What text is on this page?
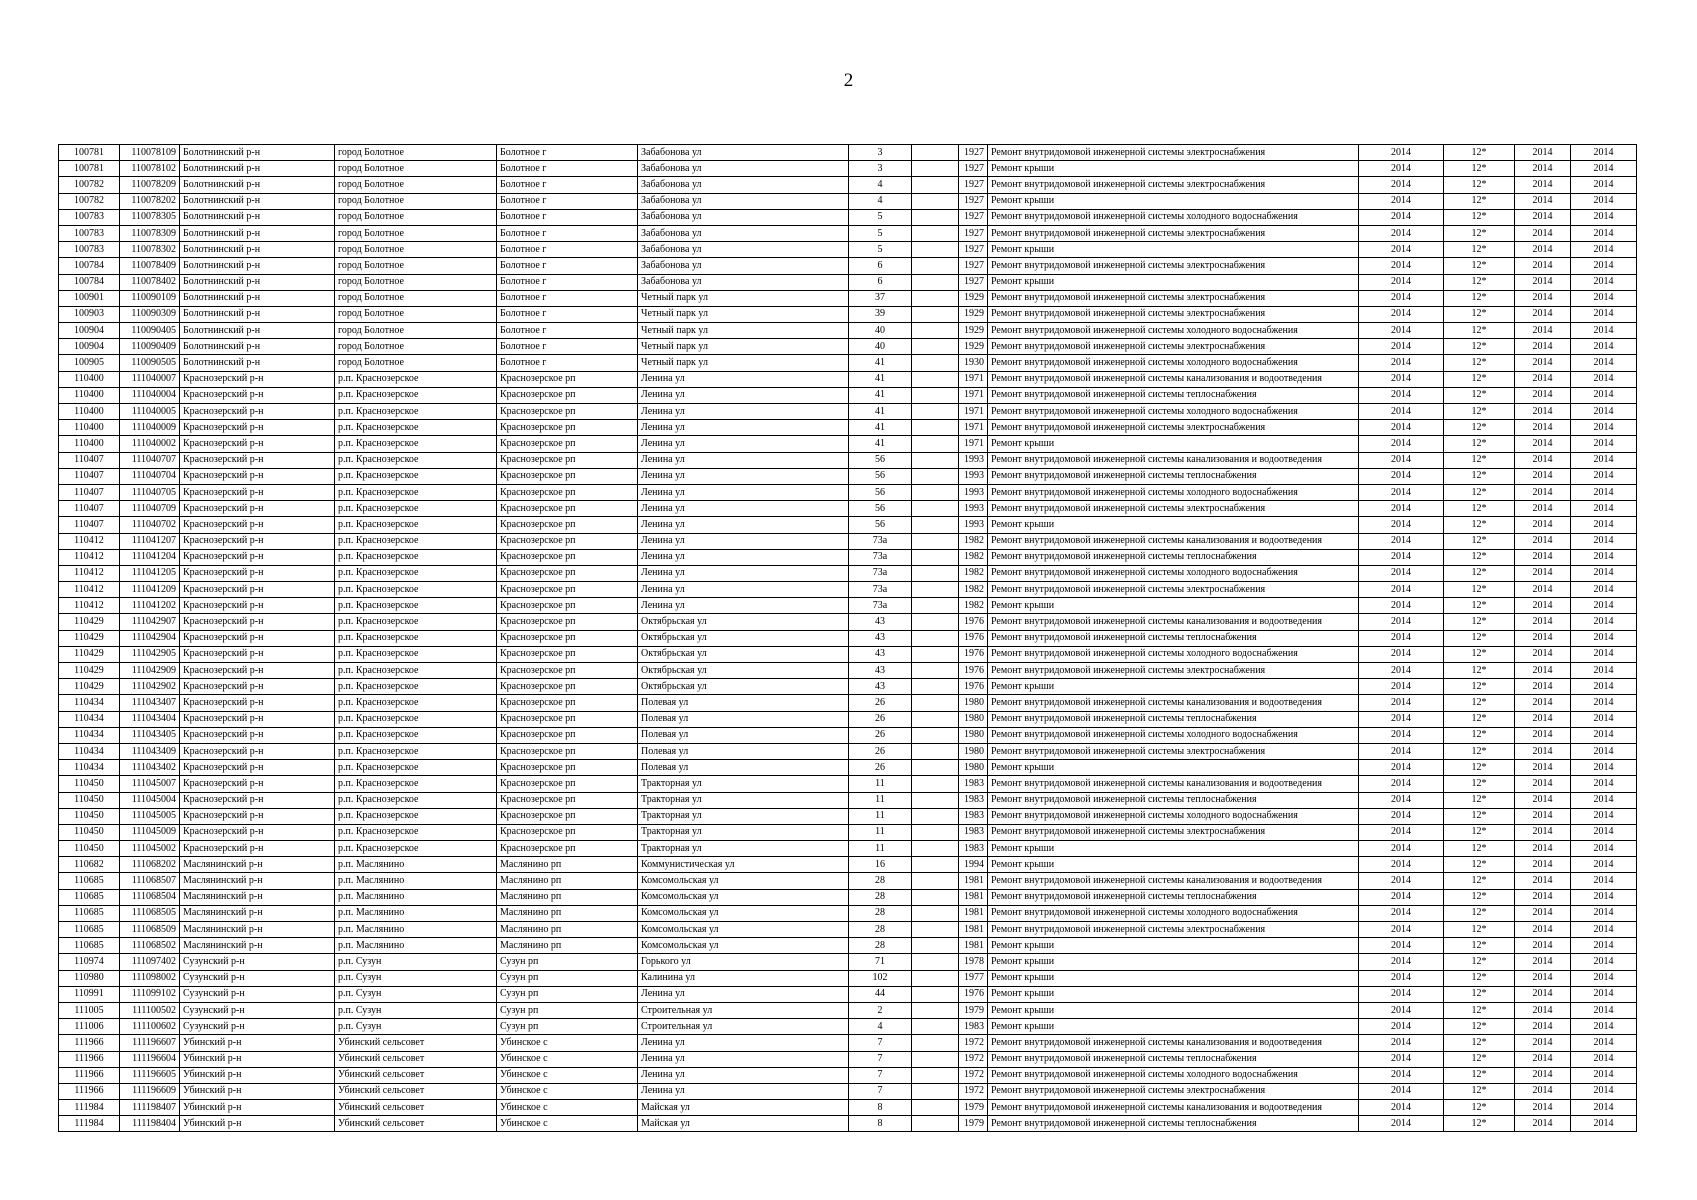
2
100781	110078109	Болотнинский р-н	город Болотное	Болотное г	Забабонова ул	3		1927	Ремонт внутридомовой инженерной системы электроснабжения	2014	12*	2014	2014
100781	110078102	Болотнинский р-н	город Болотное	Болотное г	Забабонова ул	3		1927	Ремонт крыши	2014	12*	2014	2014
100782	110078209	Болотнинский р-н	город Болотное	Болотное г	Забабонова ул	4		1927	Ремонт внутридомовой инженерной системы электроснабжения	2014	12*	2014	2014
100782	110078202	Болотнинский р-н	город Болотное	Болотное г	Забабонова ул	4		1927	Ремонт крыши	2014	12*	2014	2014
100783	110078305	Болотнинский р-н	город Болотное	Болотное г	Забабонова ул	5		1927	Ремонт внутридомовой инженерной системы холодного водоснабжения	2014	12*	2014	2014
100783	110078309	Болотнинский р-н	город Болотное	Болотное г	Забабонова ул	5		1927	Ремонт внутридомовой инженерной системы электроснабжения	2014	12*	2014	2014
100783	110078302	Болотнинский р-н	город Болотное	Болотное г	Забабонова ул	5		1927	Ремонт крыши	2014	12*	2014	2014
100784	110078409	Болотнинский р-н	город Болотное	Болотное г	Забабонова ул	6		1927	Ремонт внутридомовой инженерной системы электроснабжения	2014	12*	2014	2014
100784	110078402	Болотнинский р-н	город Болотное	Болотное г	Забабонова ул	6		1927	Ремонт крыши	2014	12*	2014	2014
100901	110090109	Болотнинский р-н	город Болотное	Болотное г	Четный парк ул	37		1929	Ремонт внутридомовой инженерной системы электроснабжения	2014	12*	2014	2014
100903	110090309	Болотнинский р-н	город Болотное	Болотное г	Четный парк ул	39		1929	Ремонт внутридомовой инженерной системы электроснабжения	2014	12*	2014	2014
100904	110090405	Болотнинский р-н	город Болотное	Болотное г	Четный парк ул	40		1929	Ремонт внутридомовой инженерной системы холодного водоснабжения	2014	12*	2014	2014
100904	110090409	Болотнинский р-н	город Болотное	Болотное г	Четный парк ул	40		1929	Ремонт внутридомовой инженерной системы электроснабжения	2014	12*	2014	2014
100905	110090505	Болотнинский р-н	город Болотное	Болотное г	Четный парк ул	41		1930	Ремонт внутридомовой инженерной системы холодного водоснабжения	2014	12*	2014	2014
110400	111040007	Краснозерский р-н	р.п. Краснозерское	Краснозерское рп	Ленина ул	41		1971	Ремонт внутридомовой инженерной системы канализования и водоотведения	2014	12*	2014	2014
110400	111040004	Краснозерский р-н	р.п. Краснозерское	Краснозерское рп	Ленина ул	41		1971	Ремонт внутридомовой инженерной системы теплоснабжения	2014	12*	2014	2014
110400	111040005	Краснозерский р-н	р.п. Краснозерское	Краснозерское рп	Ленина ул	41		1971	Ремонт внутридомовой инженерной системы холодного водоснабжения	2014	12*	2014	2014
110400	111040009	Краснозерский р-н	р.п. Краснозерское	Краснозерское рп	Ленина ул	41		1971	Ремонт внутридомовой инженерной системы электроснабжения	2014	12*	2014	2014
110400	111040002	Краснозерский р-н	р.п. Краснозерское	Краснозерское рп	Ленина ул	41		1971	Ремонт крыши	2014	12*	2014	2014
110407	111040707	Краснозерский р-н	р.п. Краснозерское	Краснозерское рп	Ленина ул	56		1993	Ремонт внутридомовой инженерной системы канализования и водоотведения	2014	12*	2014	2014
110407	111040704	Краснозерский р-н	р.п. Краснозерское	Краснозерское рп	Ленина ул	56		1993	Ремонт внутридомовой инженерной системы теплоснабжения	2014	12*	2014	2014
110407	111040705	Краснозерский р-н	р.п. Краснозерское	Краснозерское рп	Ленина ул	56		1993	Ремонт внутридомовой инженерной системы холодного водоснабжения	2014	12*	2014	2014
110407	111040709	Краснозерский р-н	р.п. Краснозерское	Краснозерское рп	Ленина ул	56		1993	Ремонт внутридомовой инженерной системы электроснабжения	2014	12*	2014	2014
110407	111040702	Краснозерский р-н	р.п. Краснозерское	Краснозерское рп	Ленина ул	56		1993	Ремонт крыши	2014	12*	2014	2014
110412	111041207	Краснозерский р-н	р.п. Краснозерское	Краснозерское рп	Ленина ул	73а		1982	Ремонт внутридомовой инженерной системы канализования и водоотведения	2014	12*	2014	2014
110412	111041204	Краснозерский р-н	р.п. Краснозерское	Краснозерское рп	Ленина ул	73а		1982	Ремонт внутридомовой инженерной системы теплоснабжения	2014	12*	2014	2014
110412	111041205	Краснозерский р-н	р.п. Краснозерское	Краснозерское рп	Ленина ул	73а		1982	Ремонт внутридомовой инженерной системы холодного водоснабжения	2014	12*	2014	2014
110412	111041209	Краснозерский р-н	р.п. Краснозерское	Краснозерское рп	Ленина ул	73а		1982	Ремонт внутридомовой инженерной системы электроснабжения	2014	12*	2014	2014
110412	111041202	Краснозерский р-н	р.п. Краснозерское	Краснозерское рп	Ленина ул	73а		1982	Ремонт крыши	2014	12*	2014	2014
110429	111042907	Краснозерский р-н	р.п. Краснозерское	Краснозерское рп	Октябрьская ул	43		1976	Ремонт внутридомовой инженерной системы канализования и водоотведения	2014	12*	2014	2014
110429	111042904	Краснозерский р-н	р.п. Краснозерское	Краснозерское рп	Октябрьская ул	43		1976	Ремонт внутридомовой инженерной системы теплоснабжения	2014	12*	2014	2014
110429	111042905	Краснозерский р-н	р.п. Краснозерское	Краснозерское рп	Октябрьская ул	43		1976	Ремонт внутридомовой инженерной системы холодного водоснабжения	2014	12*	2014	2014
110429	111042909	Краснозерский р-н	р.п. Краснозерское	Краснозерское рп	Октябрьская ул	43		1976	Ремонт внутридомовой инженерной системы электроснабжения	2014	12*	2014	2014
110429	111042902	Краснозерский р-н	р.п. Краснозерское	Краснозерское рп	Октябрьская ул	43		1976	Ремонт крыши	2014	12*	2014	2014
110434	111043407	Краснозерский р-н	р.п. Краснозерское	Краснозерское рп	Полевая ул	26		1980	Ремонт внутридомовой инженерной системы канализования и водоотведения	2014	12*	2014	2014
110434	111043404	Краснозерский р-н	р.п. Краснозерское	Краснозерское рп	Полевая ул	26		1980	Ремонт внутридомовой инженерной системы теплоснабжения	2014	12*	2014	2014
110434	111043405	Краснозерский р-н	р.п. Краснозерское	Краснозерское рп	Полевая ул	26		1980	Ремонт внутридомовой инженерной системы холодного водоснабжения	2014	12*	2014	2014
110434	111043409	Краснозерский р-н	р.п. Краснозерское	Краснозерское рп	Полевая ул	26		1980	Ремонт внутридомовой инженерной системы электроснабжения	2014	12*	2014	2014
110434	111043402	Краснозерский р-н	р.п. Краснозерское	Краснозерское рп	Полевая ул	26		1980	Ремонт крыши	2014	12*	2014	2014
110450	111045007	Краснозерский р-н	р.п. Краснозерское	Краснозерское рп	Тракторная ул	11		1983	Ремонт внутридомовой инженерной системы канализования и водоотведения	2014	12*	2014	2014
110450	111045004	Краснозерский р-н	р.п. Краснозерское	Краснозерское рп	Тракторная ул	11		1983	Ремонт внутридомовой инженерной системы теплоснабжения	2014	12*	2014	2014
110450	111045005	Краснозерский р-н	р.п. Краснозерское	Краснозерское рп	Тракторная ул	11		1983	Ремонт внутридомовой инженерной системы холодного водоснабжения	2014	12*	2014	2014
110450	111045009	Краснозерский р-н	р.п. Краснозерское	Краснозерское рп	Тракторная ул	11		1983	Ремонт внутридомовой инженерной системы электроснабжения	2014	12*	2014	2014
110450	111045002	Краснозерский р-н	р.п. Краснозерское	Краснозерское рп	Тракторная ул	11		1983	Ремонт крыши	2014	12*	2014	2014
110682	111068202	Маслянинский р-н	р.п. Маслянино	Маслянино рп	Коммунистическая ул	16		1994	Ремонт крыши	2014	12*	2014	2014
110685	111068507	Маслянинский р-н	р.п. Маслянино	Маслянино рп	Комсомольская ул	28		1981	Ремонт внутридомовой инженерной системы канализования и водоотведения	2014	12*	2014	2014
110685	111068504	Маслянинский р-н	р.п. Маслянино	Маслянино рп	Комсомольская ул	28		1981	Ремонт внутридомовой инженерной системы теплоснабжения	2014	12*	2014	2014
110685	111068505	Маслянинский р-н	р.п. Маслянино	Маслянино рп	Комсомольская ул	28		1981	Ремонт внутридомовой инженерной системы холодного водоснабжения	2014	12*	2014	2014
110685	111068509	Маслянинский р-н	р.п. Маслянино	Маслянино рп	Комсомольская ул	28		1981	Ремонт внутридомовой инженерной системы электроснабжения	2014	12*	2014	2014
110685	111068502	Маслянинский р-н	р.п. Маслянино	Маслянино рп	Комсомольская ул	28		1981	Ремонт крыши	2014	12*	2014	2014
110974	111097402	Сузунский р-н	р.п. Сузун	Сузун рп	Горького ул	71		1978	Ремонт крыши	2014	12*	2014	2014
110980	111098002	Сузунский р-н	р.п. Сузун	Сузун рп	Калинина ул	102		1977	Ремонт крыши	2014	12*	2014	2014
110991	111099102	Сузунский р-н	р.п. Сузун	Сузун рп	Ленина ул	44		1976	Ремонт крыши	2014	12*	2014	2014
111005	111100502	Сузунский р-н	р.п. Сузун	Сузун рп	Строительная ул	2		1979	Ремонт крыши	2014	12*	2014	2014
111006	111100602	Сузунский р-н	р.п. Сузун	Сузун рп	Строительная ул	4		1983	Ремонт крыши	2014	12*	2014	2014
111966	111196607	Убинский р-н	Убинский сельсовет	Убинское с	Ленина ул	7		1972	Ремонт внутридомовой инженерной системы канализования и водоотведения	2014	12*	2014	2014
111966	111196604	Убинский р-н	Убинский сельсовет	Убинское с	Ленина ул	7		1972	Ремонт внутридомовой инженерной системы теплоснабжения	2014	12*	2014	2014
111966	111196605	Убинский р-н	Убинский сельсовет	Убинское с	Ленина ул	7		1972	Ремонт внутридомовой инженерной системы холодного водоснабжения	2014	12*	2014	2014
111966	111196609	Убинский р-н	Убинский сельсовет	Убинское с	Ленина ул	7		1972	Ремонт внутридомовой инженерной системы электроснабжения	2014	12*	2014	2014
111984	111198407	Убинский р-н	Убинский сельсовет	Убинское с	Майская ул	8		1979	Ремонт внутридомовой инженерной системы канализования и водоотведения	2014	12*	2014	2014
111984	111198404	Убинский р-н	Убинский сельсовет	Убинское с	Майская ул	8		1979	Ремонт внутридомовой инженерной системы теплоснабжения	2014	12*	2014	2014
